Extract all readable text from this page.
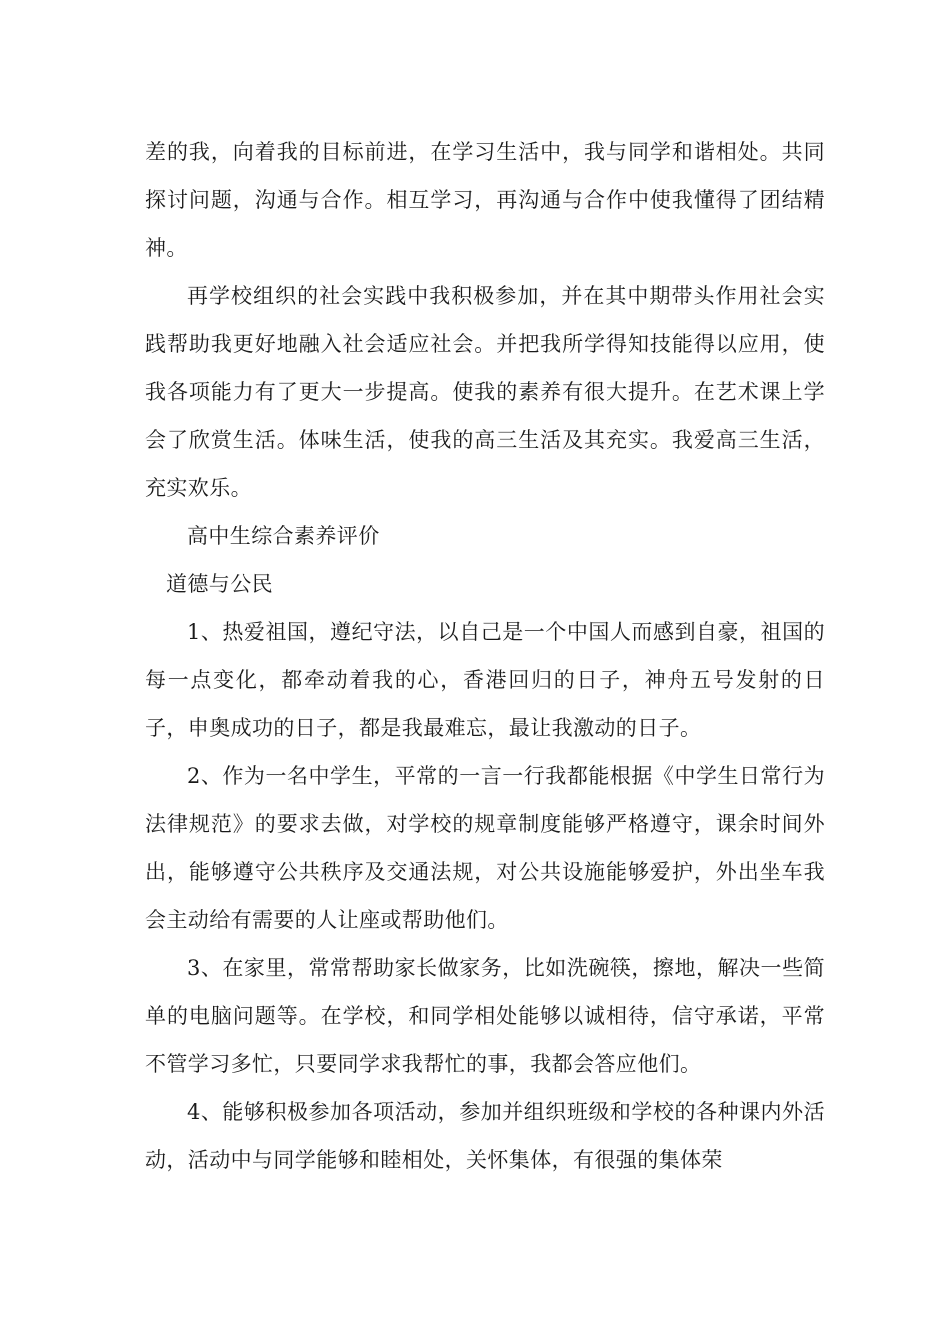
差的我，向着我的目标前进，在学习生活中，我与同学和谐相处。共同探讨问题，沟通与合作。相互学习，再沟通与合作中使我懂得了团结精神。

再学校组织的社会实践中我积极参加，并在其中期带头作用社会实践帮助我更好地融入社会适应社会。并把我所学得知技能得以应用，使我各项能力有了更大一步提高。使我的素养有很大提升。在艺术课上学会了欣赏生活。体味生活，使我的高三生活及其充实。我爱高三生活，充实欢乐。

高中生综合素养评价

道德与公民

1、热爱祖国，遵纪守法，以自己是一个中国人而感到自豪，祖国的每一点变化，都牵动着我的心，香港回归的日子，神舟五号发射的日子，申奥成功的日子，都是我最难忘，最让我激动的日子。

2、作为一名中学生，平常的一言一行我都能根据《中学生日常行为法律规范》的要求去做，对学校的规章制度能够严格遵守，课余时间外出，能够遵守公共秩序及交通法规，对公共设施能够爱护，外出坐车我会主动给有需要的人让座或帮助他们。

3、在家里，常常帮助家长做家务，比如洗碗筷，擦地，解决一些简单的电脑问题等。在学校，和同学相处能够以诚相待，信守承诺，平常不管学习多忙，只要同学求我帮忙的事，我都会答应他们。

4、能够积极参加各项活动，参加并组织班级和学校的各种课内外活动，活动中与同学能够和睦相处，关怀集体，有很强的集体荣
